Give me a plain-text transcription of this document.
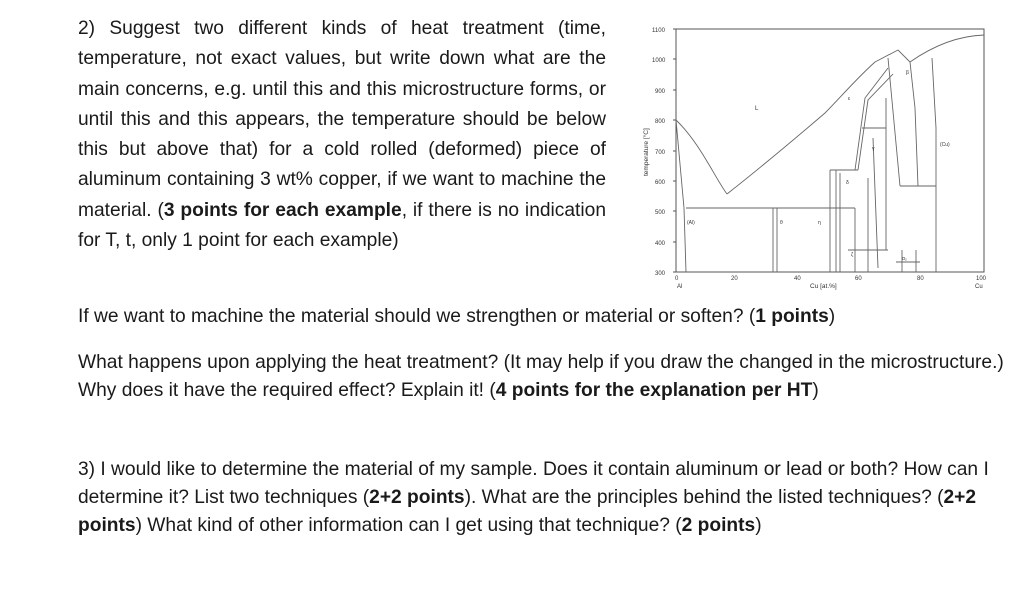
2) Suggest two different kinds of heat treatment (time, temperature, not exact values, but write down what are the main concerns, e.g. until this and this microstructure forms, or until this and this appears, the temperature should be below this but above that) for a cold rolled (deformed) piece of aluminum containing 3 wt% copper, if we want to machine the material. (3 points for each example, if there is no indication for T, t, only 1 point for each example)

1100
1000
900
800
700
600
500
400
300
temperature [°C]
0	20	40	60	80	100
Al	Cu
Cu [at.%]
L
(Al)
(Cu)
θ	η
β
ζ
ε
γ
δ
α₂

If we want to machine the material should we strengthen or material or soften? (1 points)

What happens upon applying the heat treatment? (It may help if you draw the changed in the microstructure.) Why does it have the required effect? Explain it! (4 points for the explanation per HT)

3) I would like to determine the material of my sample. Does it contain aluminum or lead or both? How can I determine it? List two techniques (2+2 points). What are the principles behind the listed techniques? (2+2 points) What kind of other information can I get using that technique? (2 points)
